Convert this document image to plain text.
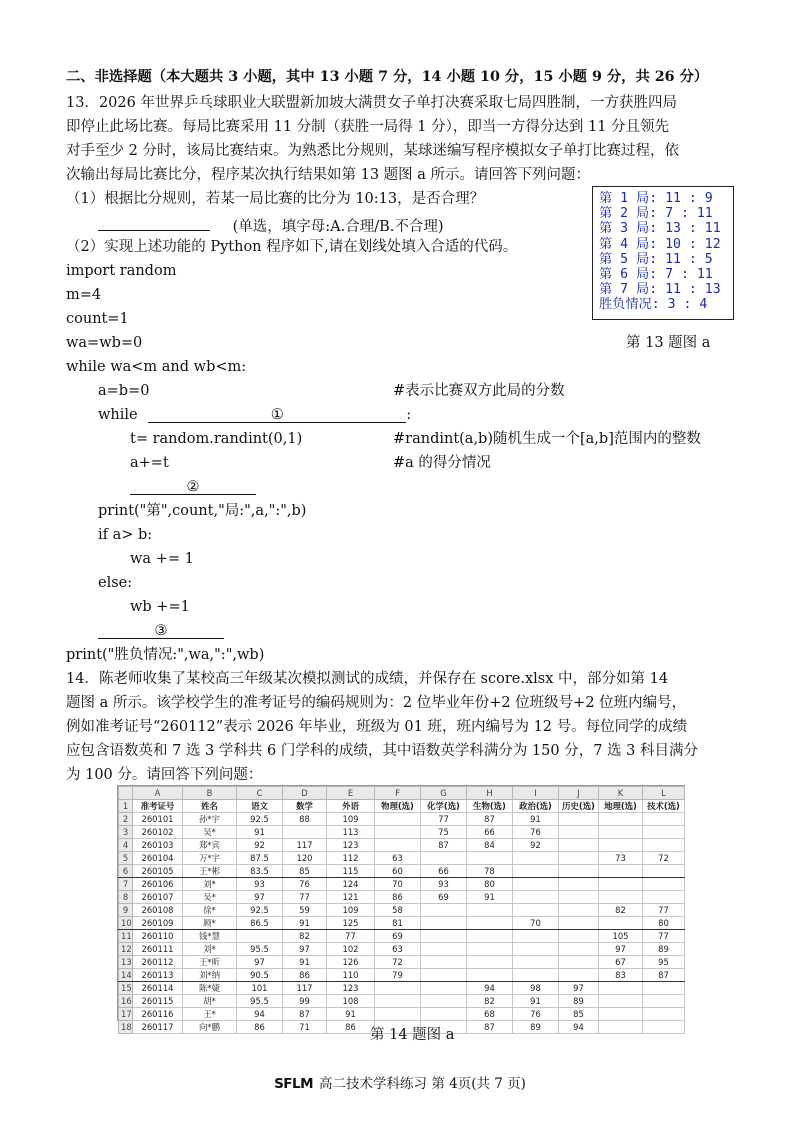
二、非选择题（本大题共 3 小题，其中 13 小题 7 分，14 小题 10 分，15 小题 9 分，共 26 分）
13．2026 年世界乒乓球职业大联盟新加坡大满贯女子单打决赛采取七局四胜制，一方获胜四局
即停止此场比赛。每局比赛采用 11 分制（获胜一局得 1 分），即当一方得分达到 11 分且领先
对手至少 2 分时，该局比赛结束。为熟悉比分规则，某球迷编写程序模拟女子单打比赛过程，依
次输出每局比赛比分，程序某次执行结果如第 13 题图 a 所示。请回答下列问题：
（1）根据比分规则，若某一局比赛的比分为 10:13，是否合理？
(单选，填字母:A.合理/B.不合理)
（2）实现上述功能的 Python 程序如下,请在划线处填入合适的代码。
import random
m=4
count=1
wa=wb=0
while wa<m and wb<m:
a=b=0	#表示比赛双方此局的分数
while	①	:
t= random.randint(0,1)	#randint(a,b)随机生成一个[a,b]范围内的整数
a+=t	#a 的得分情况
②
print("第",count,"局:",a,":",b)
if a> b:
wa += 1
else:
wb +=1
③
print("胜负情况:",wa,":",wb)
第 1 局: 11 : 9
第 2 局: 7 : 11
第 3 局: 13 : 11
第 4 局: 10 : 12
第 5 局: 11 : 5
第 6 局: 7 : 11
第 7 局: 11 : 13
胜负情况: 3 : 4
第 13 题图 a
14．陈老师收集了某校高三年级某次模拟测试的成绩，并保存在 score.xlsx 中，部分如第 14
题图 a 所示。该学校学生的准考证号的编码规则为：2 位毕业年份+2 位班级号+2 位班内编号，
例如准考证号“260112”表示 2026 年毕业，班级为 01 班，班内编号为 12 号。每位同学的成绩
应包含语数英和 7 选 3 学科共 6 门学科的成绩，其中语数英学科满分为 150 分，7 选 3 科目满分
为 100 分。请回答下列问题：
	A	B	C	D	E	F	G	H	I	J	K	L
1	准考证号	姓名	语文	数学	外语	物理(选)	化学(选)	生物(选)	政治(选)	历史(选)	地理(选)	技术(选)
2	260101	孙*宇	92.5	88	109		77	87	91			
3	260102	吴*	91		113		75	66	76			
4	260103	郑*宾	92	117	123		87	84	92			
5	260104	万*宇	87.5	120	112	63					73	72
6	260105	王*彬	83.5	85	115	60	66	78				
7	260106	刘*	93	76	124	70	93	80				
8	260107	吴*	97	77	121	86	69	91				
9	260108	徐*	92.5	59	109	58					82	77
10	260109	顾*	86.5	91	125	81			70			80
11	260110	钱*慧		82	77	69					105	77
12	260111	刘*	95.5	97	102	63					97	89
13	260112	王*昕	97	91	126	72					67	95
14	260113	刘*纳	90.5	86	110	79					83	87
15	260114	陈*婕	101	117	123			94	98	97		
16	260115	胡*	95.5	99	108			82	91	89		
17	260116	王*	94	87	91			68	76	85		
18	260117	向*鹏	86	71	86			87	89	94		
第 14 题图 a
SFLM 高二技术学科练习 第 4页(共 7 页)
